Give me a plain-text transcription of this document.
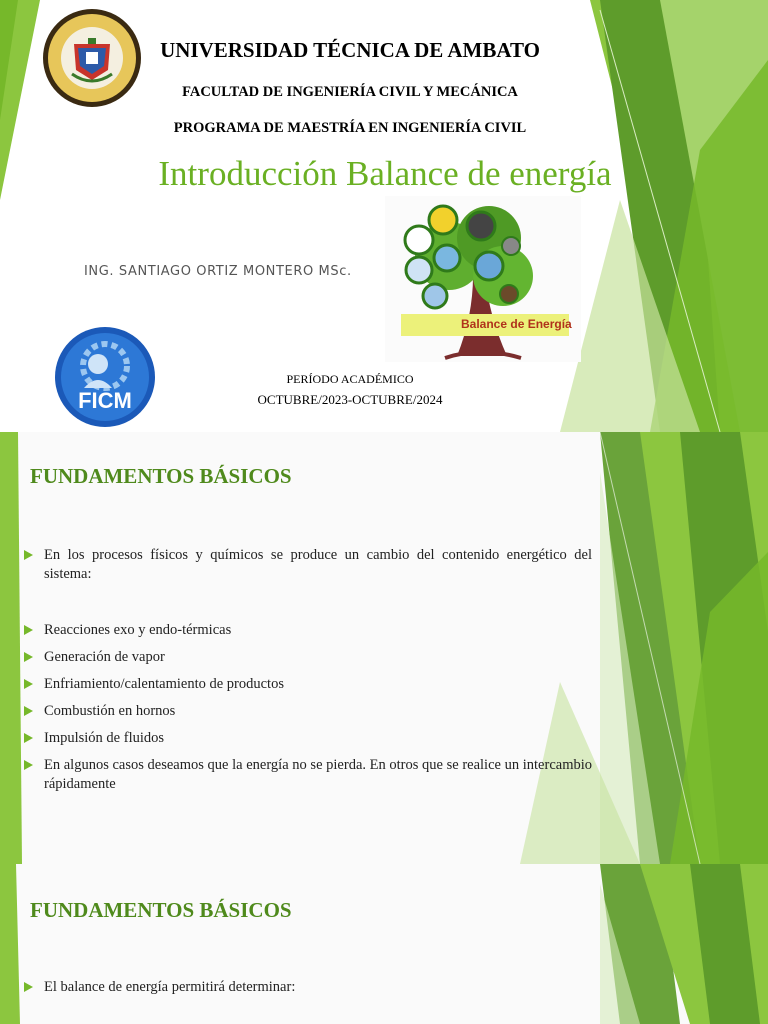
UNIVERSIDAD TÉCNICA DE AMBATO
FACULTAD DE INGENIERÍA CIVIL Y MECÁNICA
PROGRAMA DE MAESTRÍA EN INGENIERÍA CIVIL
Introducción Balance de energía
Balance de Energía
ING. SANTIAGO ORTIZ MONTERO MSc.
FICM
PERÍODO ACADÉMICO
OCTUBRE/2023-OCTUBRE/2024
FUNDAMENTOS BÁSICOS
En los procesos físicos y químicos se produce un cambio del contenido energético del sistema:
Reacciones exo y endo-térmicas
Generación de vapor
Enfriamiento/calentamiento de productos
Combustión en hornos
Impulsión de fluidos
En algunos casos deseamos que la energía no se pierda. En otros que se realice un intercambio rápidamente
FUNDAMENTOS BÁSICOS
El balance de energía permitirá determinar:
